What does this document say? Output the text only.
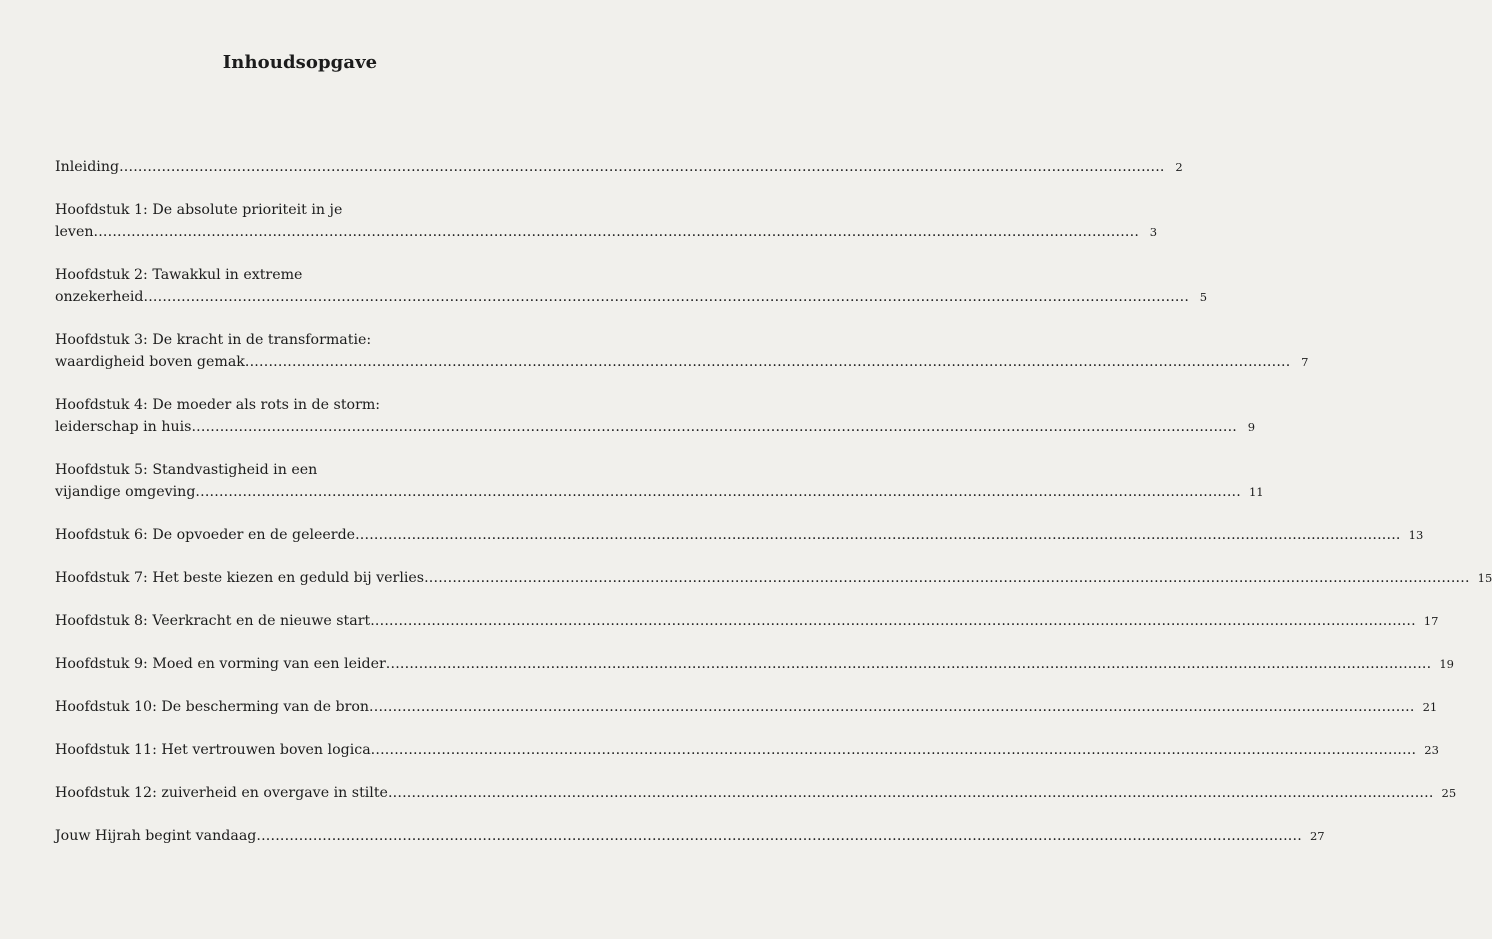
Inhoudsopgave
Inleiding .............................................................................................................................................................................................................................. 2
Hoofdstuk 1: De absolute prioriteit in je
leven .............................................................................................................................................................................................................................. 3
Hoofdstuk 2: Tawakkul in extreme
onzekerheid .............................................................................................................................................................................................................................. 5
Hoofdstuk 3: De kracht in de transformatie:
waardigheid boven gemak .............................................................................................................................................................................................................................. 7
Hoofdstuk 4: De moeder als rots in de storm:
leiderschap in huis .............................................................................................................................................................................................................................. 9
Hoofdstuk 5: Standvastigheid in een
vijandige omgeving .............................................................................................................................................................................................................................. 11
Hoofdstuk 6: De opvoeder en de geleerde .............................................................................................................................................................................................................................. 13
Hoofdstuk 7: Het beste kiezen en geduld bij verlies .............................................................................................................................................................................................................................. 15
Hoofdstuk 8: Veerkracht en de nieuwe start .............................................................................................................................................................................................................................. 17
Hoofdstuk 9: Moed en vorming van een leider .............................................................................................................................................................................................................................. 19
Hoofdstuk 10: De bescherming van de bron .............................................................................................................................................................................................................................. 21
Hoofdstuk 11: Het vertrouwen boven logica .............................................................................................................................................................................................................................. 23
Hoofdstuk 12: zuiverheid en overgave in stilte .............................................................................................................................................................................................................................. 25
Jouw Hijrah begint vandaag .............................................................................................................................................................................................................................. 27
